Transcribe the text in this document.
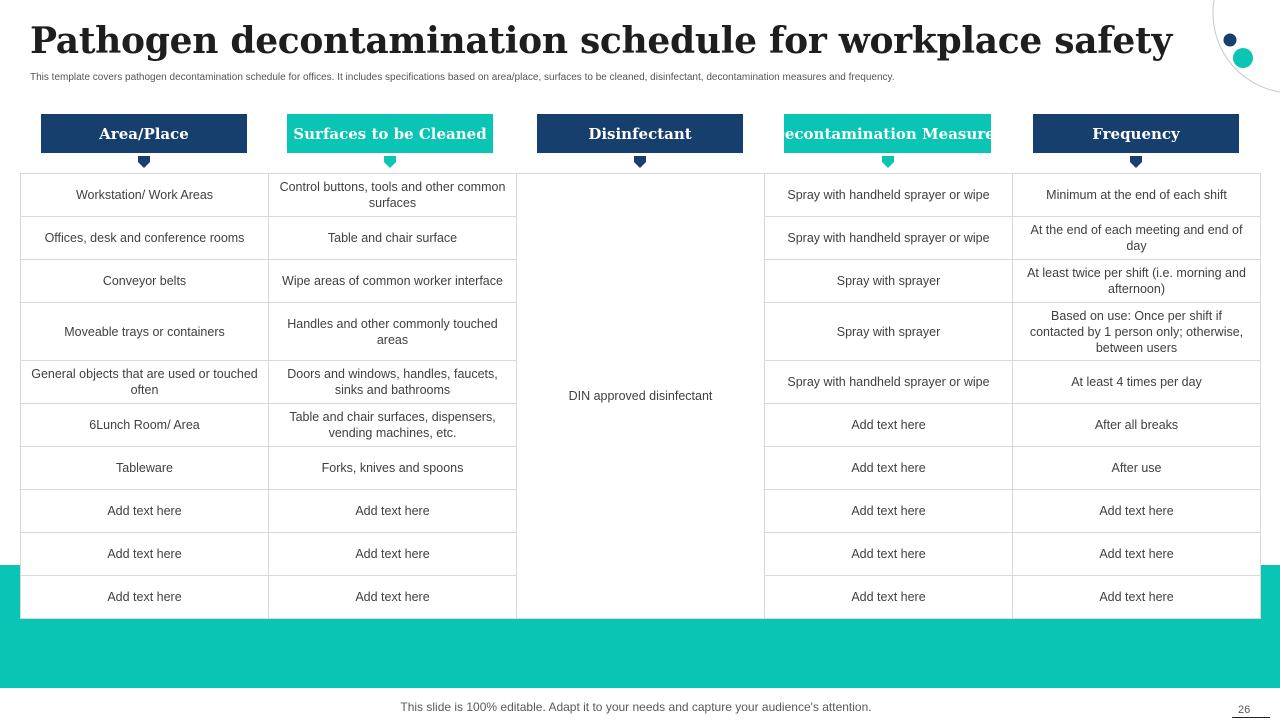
Pathogen decontamination schedule for workplace safety
This template covers pathogen decontamination schedule for offices. It includes specifications based on area/place, surfaces to be cleaned, disinfectant, decontamination measures and frequency.
Area/Place	Surfaces to be Cleaned	Disinfectant	Decontamination Measures	Frequency
Workstation/ Work Areas	Control buttons, tools and other common surfaces	DIN approved disinfectant	Spray with handheld sprayer or wipe	Minimum at the end of each shift
Offices, desk and conference rooms	Table and chair surface		Spray with handheld sprayer or wipe	At the end of each meeting and end of day
Conveyor belts	Wipe areas of common worker interface		Spray with sprayer	At least twice per shift (i.e. morning and afternoon)
Moveable trays or containers	Handles and other commonly touched areas		Spray with sprayer	Based on use: Once per shift if contacted by 1 person only; otherwise, between users
General objects that are used or touched often	Doors and windows, handles, faucets, sinks and bathrooms		Spray with handheld sprayer or wipe	At least 4 times per day
6Lunch Room/ Area	Table and chair surfaces, dispensers, vending machines, etc.		Add text here	After all breaks
Tableware	Forks, knives and spoons		Add text here	After use
Add text here	Add text here		Add text here	Add text here
Add text here	Add text here		Add text here	Add text here
Add text here	Add text here		Add text here	Add text here
This slide is 100% editable. Adapt it to your needs and capture your audience's attention.	26
